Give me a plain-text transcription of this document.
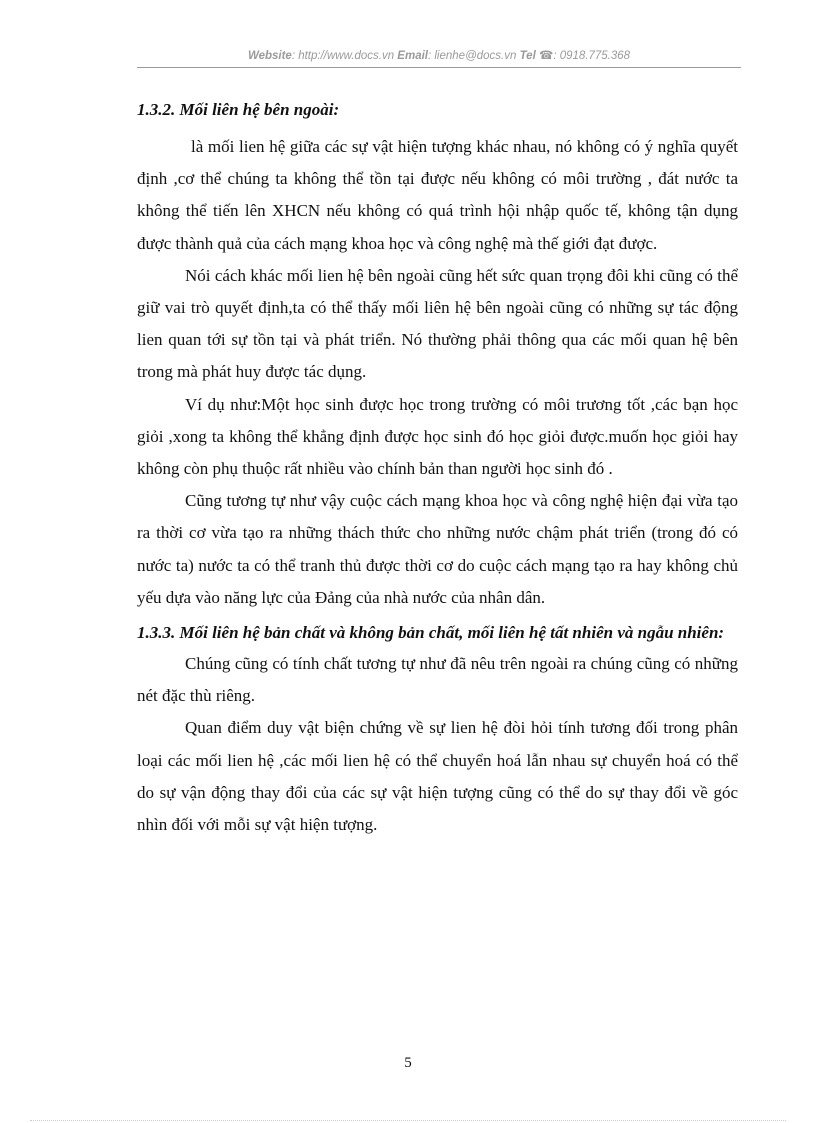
Website: http://www.docs.vn Email: lienhe@docs.vn Tel ☎: 0918.775.368
1.3.2. Mối liên hệ bên ngoài:

là mối lien hệ giữa các sự vật hiện tượng khác nhau, nó không có ý nghĩa quyết định ,cơ thể chúng ta không thể tồn tại được nếu không có môi trường , đát nước ta không thể tiến lên XHCN nếu không có quá trình hội nhập quốc tế, không tận dụng được thành quả của cách mạng khoa học và công nghệ mà thế giới đạt được.

Nói cách khác mối lien hệ bên ngoài cũng hết sức quan trọng đôi khi cũng có thể giữ vai trò quyết định,ta có thể thấy mối liên hệ bên ngoài cũng có những sự tác động lien quan tới sự tồn tại và phát triển. Nó thường phải thông qua các mối quan hệ bên trong mà phát huy được tác dụng.

Ví dụ như:Một học sinh được học trong trường có môi trương tốt ,các bạn học giỏi ,xong ta không thể khẳng định được học sinh đó học giỏi được.muốn học giỏi hay không còn phụ thuộc rất nhiều vào chính bản than người học sinh đó .

Cũng tương tự như vậy cuộc cách mạng khoa học và công nghệ hiện đại vừa tạo ra thời cơ vừa tạo ra những thách thức cho những nước chậm phát triển (trong đó có nước ta) nước ta có thể tranh thủ được thời cơ do cuộc cách mạng tạo ra hay không chủ yếu dựa vào năng lực của Đảng của nhà nước của nhân dân.

1.3.3. Mối liên hệ bản chất và không bản chất, mối liên hệ tất nhiên và ngẫu nhiên:

Chúng cũng có tính chất tương tự như đã nêu trên ngoài ra chúng cũng có những nét đặc thù riêng.

Quan điểm duy vật biện chứng về sự lien hệ đòi hỏi tính tương đối trong phân loại các mối lien hệ ,các mối lien hệ có thể chuyển hoá lẫn nhau sự chuyển hoá có thể do sự vận động thay đổi của các sự vật hiện tượng cũng có thể do sự thay đổi về góc nhìn đối với mỗi sự vật hiện tượng.

5
